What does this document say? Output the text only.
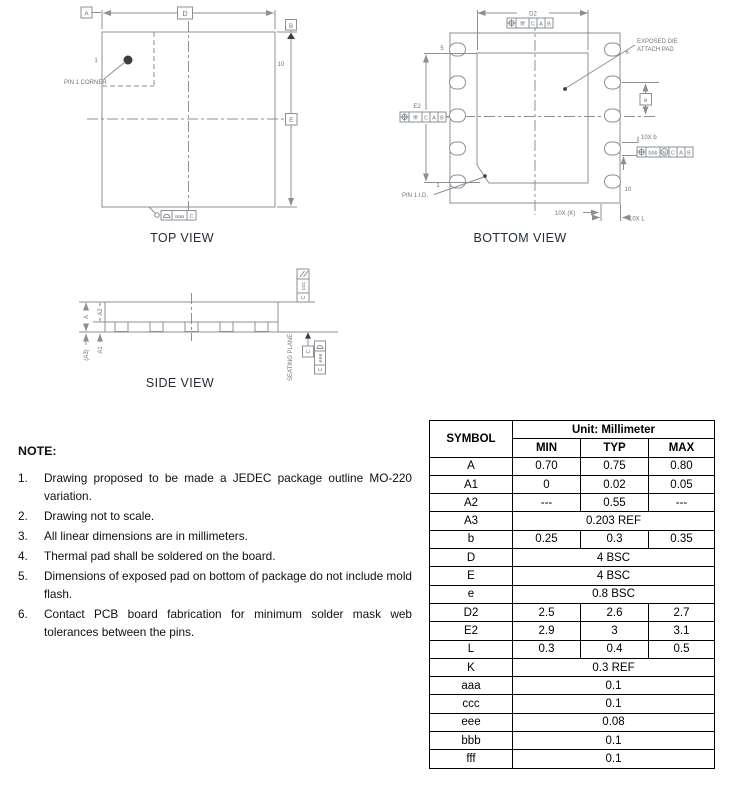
PIN 1 CORNER
1
D
A
B
10
E
aaa C
5
6
1
10
D2
fff C A B
EXPOSED DIE
ATTACH PAD
e
10X b
bbb M C A B
E2
fff C A B
PIN 1 I.D.
10X (K)
10X L
A
A2
A1
(A3)
ccc
C
C
eee
C
SEATING PLANE
TOP VIEW	BOTTOM VIEW
SIDE VIEW
NOTE:
1.	Drawing proposed to be made a JEDEC package outline MO-220 variation.
2.	Drawing not to scale.
3.	All linear dimensions are in millimeters.
4.	Thermal pad shall be soldered on the board.
5.	Dimensions of exposed pad on bottom of package do not include mold flash.
6.	Contact PCB board fabrication for minimum solder mask web tolerances between the pins.
SYMBOL	Unit: Millimeter		
	MIN	TYP	MAX
A	0.70	0.75	0.80
A1	0	0.02	0.05
A2	---	0.55	---
A3	0.203 REF		
b	0.25	0.3	0.35
D	4 BSC		
E	4 BSC		
e	0.8 BSC		
D2	2.5	2.6	2.7
E2	2.9	3	3.1
L	0.3	0.4	0.5
K	0.3 REF		
aaa	0.1		
ccc	0.1		
eee	0.08		
bbb	0.1		
fff	0.1		
